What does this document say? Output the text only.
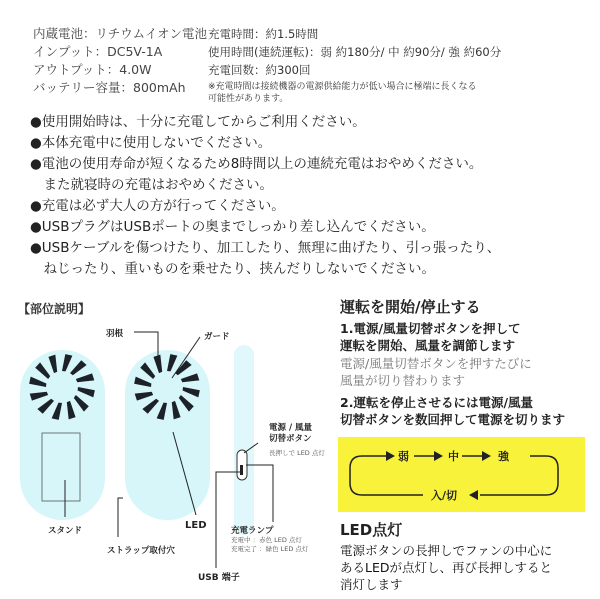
内蔵電池：リチウムイオン電池
インプット：DC5V-1A
アウトプット：4.0W
バッテリー容量：800mAh
充電時間：約1.5時間
使用時間(連続運転)：弱 約180分/ 中 約90分/ 強 約60分
充電回数：約300回
※充電時間は接続機器の電源供給能力が低い場合に極端に長くなる
可能性があります。
●使用開始時は、十分に充電してからご利用ください。
●本体充電中に使用しないでください。
●電池の使用寿命が短くなるため8時間以上の連続充電はおやめください。
　また就寝時の充電はおやめください。
●充電は必ず大人の方が行ってください。
●USBプラグはUSBポートの奥までしっかり差し込んでください。
●USBケーブルを傷つけたり、加工したり、無理に曲げたり、引っ張ったり、
　ねじったり、重いものを乗せたり、挟んだりしないでください。
【部位説明】
羽根	ガード
スタンド	LED
ストラップ取付穴
電源 / 風量
切替ボタン
長押しで LED 点灯
充電ランプ
充電中 ：赤色 LED 点灯
充電完了 ：緑色 LED 点灯
USB 端子
運転を開始/停止する
1.電源/風量切替ボタンを押して
運転を開始、風量を調節します
電源/風量切替ボタンを押すたびに
風量が切り替わります
2.運転を停止させるには電源/風量
切替ボタンを数回押して電源を切ります
弱	中	強
入/切
LED点灯
電源ボタンの長押しでファンの中心に
あるLEDが点灯し、再び長押しすると
消灯します
